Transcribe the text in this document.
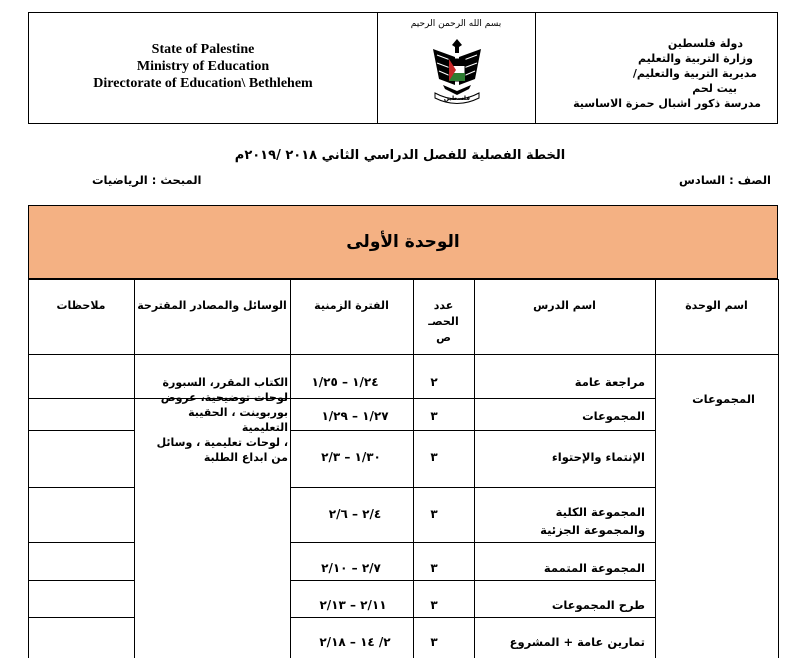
State of Palestine
Ministry of Education
Directorate of Education\ Bethlehem
بسم الله الرحمن الرحيم
فلسطين
دولة فلسطين
وزارة التربية والتعليم
مديرية التربية والتعليم/
بيت لحم
مدرسة ذكور اشبال حمزة الاساسية
الخطة الفصلية للفصل الدراسي الثاني ٢٠١٨ /٢٠١٩م
الصف : السادس
المبحث : الرياضيات
الوحدة الأولى
اسم الوحدة
اسم الدرس
عدد
الحصـ
ص
الفترة الزمنية
الوسائل والمصادر المقترحة
ملاحظات
المجموعات
الكتاب المقرر، السبورة
لوحات توضيحية، عروض
بوربوينت ، الحقيبة
التعليمية
، لوحات تعليمية ، وسائل
من ابداع الطلبة
مراجعة عامة
٢
١/٢٤ – ١/٢٥
المجموعات
٣
١/٢٧ – ١/٢٩
الإنتماء والإحتواء
٣
١/٣٠ – ٢/٣
المجموعة الكلية
والمجموعة الجزئية
٣
٢/٤ – ٢/٦
المجموعة المتممة
٣
٢/٧ – ٢/١٠
طرح المجموعات
٣
٢/١١ – ٢/١٣
تمارين عامة + المشروع
٣
٢/ ١٤ – ٢/١٨
